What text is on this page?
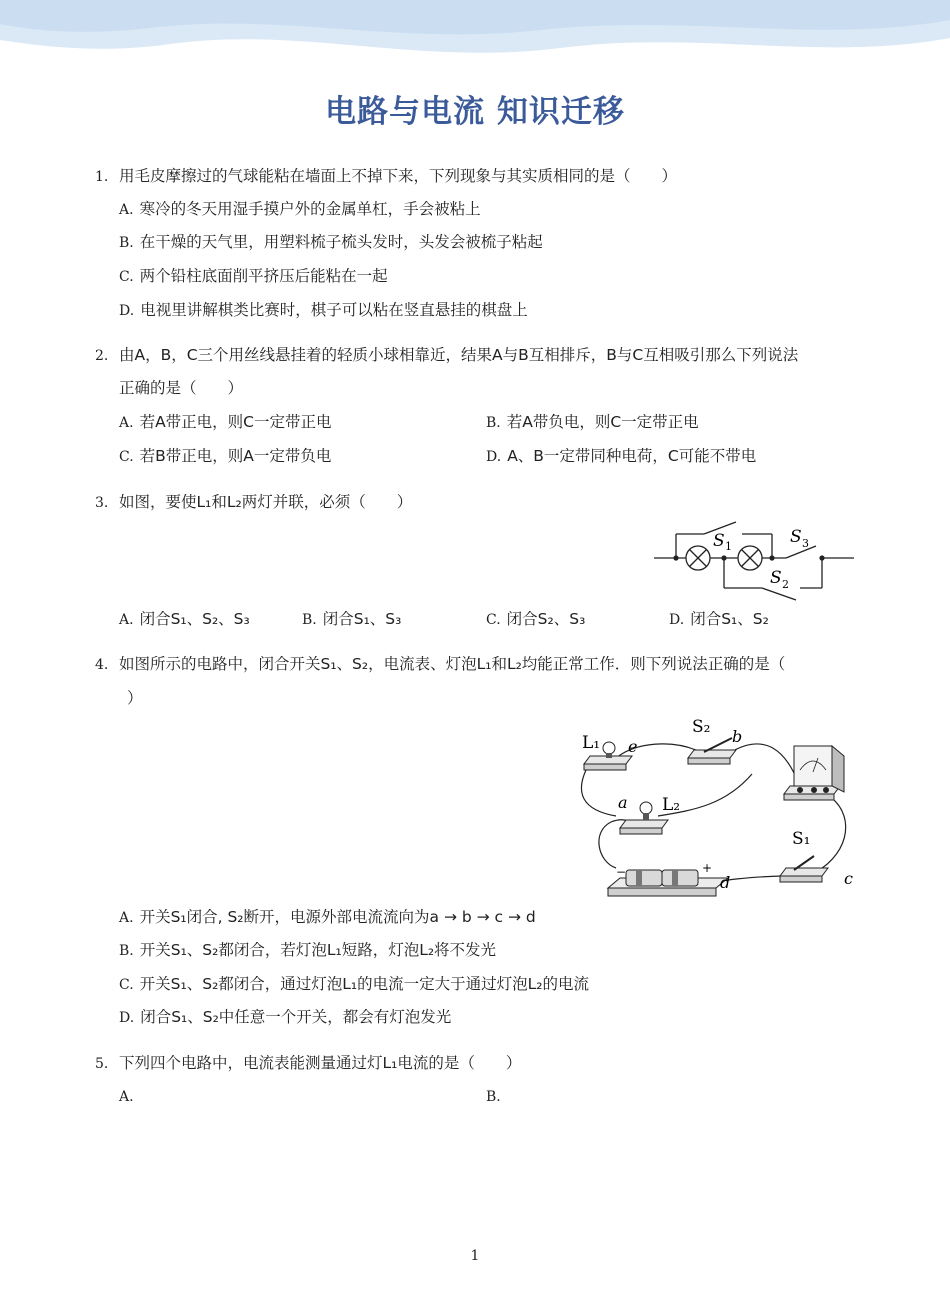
电路与电流 知识迁移
1. 用毛皮摩擦过的气球能粘在墙面上不掉下来，下列现象与其实质相同的是（　　）
A. 寒冷的冬天用湿手摸户外的金属单杠，手会被粘上
B. 在干燥的天气里，用塑料梳子梳头发时，头发会被梳子粘起
C. 两个铅柱底面削平挤压后能粘在一起
D. 电视里讲解棋类比赛时，棋子可以粘在竖直悬挂的棋盘上
2. 由A，B，C三个用丝线悬挂着的轻质小球相靠近，结果A与B互相排斥，B与C互相吸引那么下列说法
正确的是（　　）
A. 若A带正电，则C一定带正电	B. 若A带负电，则C一定带正电
C. 若B带正电，则A一定带负电	D. A、B一定带同种电荷，C可能不带电
3. 如图，要使L₁和L₂两灯并联，必须（　　）
S 1	S 3
S 2
A. 闭合S₁、S₂、S₃	B. 闭合S₁、S₃	C. 闭合S₂、S₃	D. 闭合S₁、S₂
4. 如图所示的电路中，闭合开关S₁、S₂，电流表、灯泡L₁和L₂均能正常工作．则下列说法正确的是（
）
L₁ e
S₂ b
a L₂
S₁
c
d
−	+
A. 开关S₁闭合, S₂断开，电源外部电流流向为a → b → c → d
B. 开关S₁、S₂都闭合，若灯泡L₁短路，灯泡L₂将不发光
C. 开关S₁、S₂都闭合，通过灯泡L₁的电流一定大于通过灯泡L₂的电流
D. 闭合S₁、S₂中任意一个开关，都会有灯泡发光
5. 下列四个电路中，电流表能测量通过灯L₁电流的是（　　）
A.	B.
1
